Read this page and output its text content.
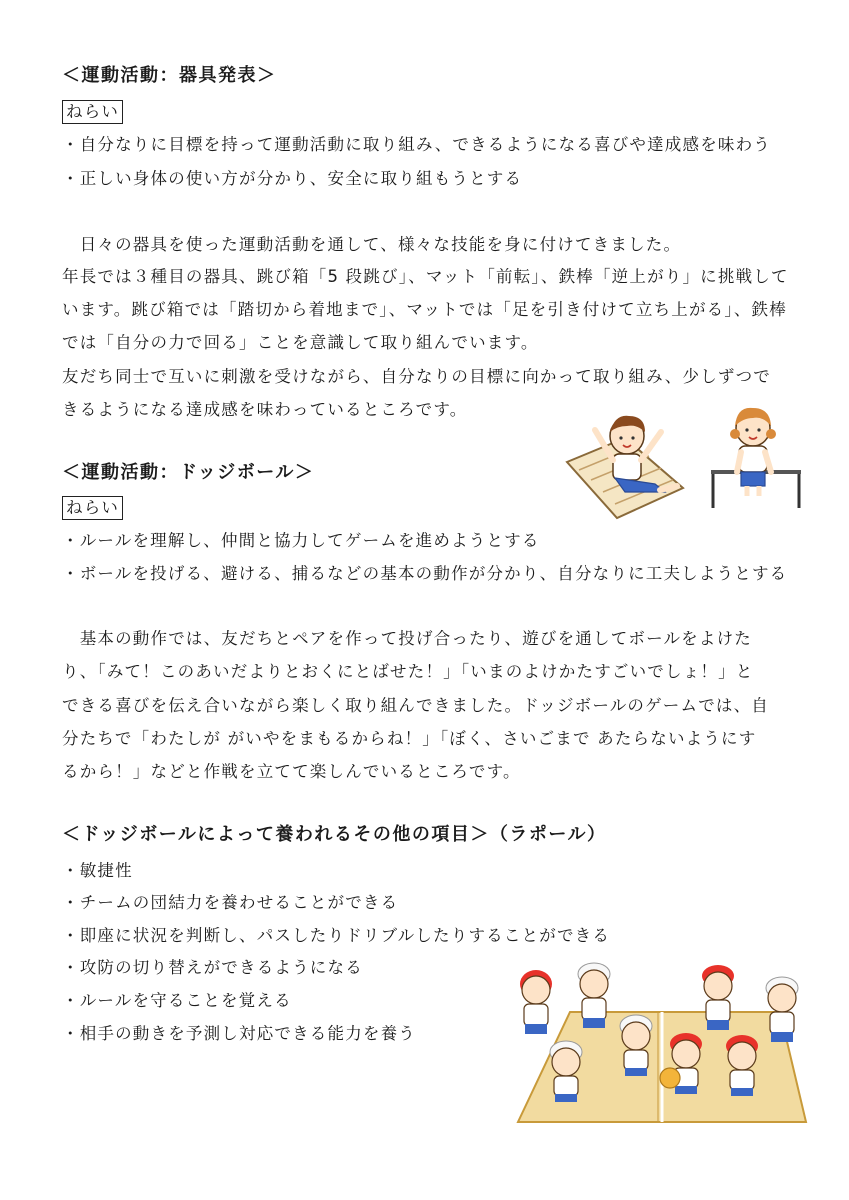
＜運動活動：器具発表＞
ねらい
・自分なりに目標を持って運動活動に取り組み、できるようになる喜びや達成感を味わう
・正しい身体の使い方が分かり、安全に取り組もうとする
　日々の器具を使った運動活動を通して、様々な技能を身に付けてきました。
年長では３種目の器具、跳び箱「5 段跳び」、マット「前転」、鉄棒「逆上がり」に挑戦して
います。跳び箱では「踏切から着地まで」、マットでは「足を引き付けて立ち上がる」、鉄棒
では「自分の力で回る」ことを意識して取り組んでいます。
友だち同士で互いに刺激を受けながら、自分なりの目標に向かって取り組み、少しずつで
きるようになる達成感を味わっているところです。
＜運動活動：ドッジボール＞
ねらい
・ルールを理解し、仲間と協力してゲームを進めようとする
・ボールを投げる、避ける、捕るなどの基本の動作が分かり、自分なりに工夫しようとする
　基本の動作では、友だちとペアを作って投げ合ったり、遊びを通してボールをよけた
り、「みて！このあいだよりとおくにとばせた！」「いまのよけかたすごいでしょ！」と
できる喜びを伝え合いながら楽しく取り組んできました。ドッジボールのゲームでは、自
分たちで「わたしが がいやをまもるからね！」「ぼく、さいごまで あたらないようにす
るから！」などと作戦を立てて楽しんでいるところです。
＜ドッジボールによって養われるその他の項目＞（ラポール）
・敏捷性
・チームの団結力を養わせることができる
・即座に状況を判断し、パスしたりドリブルしたりすることができる
・攻防の切り替えができるようになる
・ルールを守ることを覚える
・相手の動きを予測し対応できる能力を養う
